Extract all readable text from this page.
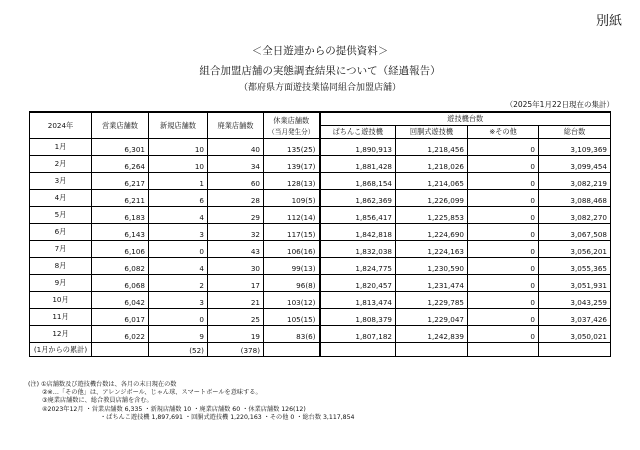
別紙
＜全日遊連からの提供資料＞
組合加盟店舗の実態調査結果について（経過報告）
（都府県方面遊技業協同組合加盟店舗）
（2025年1月22日現在の集計）
2024年	営業店舗数	新規店舗数	廃業店舗数	休業店舗数
（当月発生分）	遊技機台数			
					ぱちんこ遊技機	回胴式遊技機	※その他	総台数
1月	6,301	10	40	135(25)	1,890,913	1,218,456	0	3,109,369
2月	6,264	10	34	139(17)	1,881,428	1,218,026	0	3,099,454
3月	6,217	1	60	128(13)	1,868,154	1,214,065	0	3,082,219
4月	6,211	6	28	109(5)	1,862,369	1,226,099	0	3,088,468
5月	6,183	4	29	112(14)	1,856,417	1,225,853	0	3,082,270
6月	6,143	3	32	117(15)	1,842,818	1,224,690	0	3,067,508
7月	6,106	0	43	106(16)	1,832,038	1,224,163	0	3,056,201
8月	6,082	4	30	99(13)	1,824,775	1,230,590	0	3,055,365
9月	6,068	2	17	96(8)	1,820,457	1,231,474	0	3,051,931
10月	6,042	3	21	103(12)	1,813,474	1,229,785	0	3,043,259
11月	6,017	0	25	105(15)	1,808,379	1,229,047	0	3,037,426
12月	6,022	9	19	83(6)	1,807,182	1,242,839	0	3,050,021
(1月からの累計)		(52)	(378)					
(注) ①店舗数及び遊技機台数は、各月の末日現在の数
②※…「その他」は、アレンジボール、じゃん球、スマートボールを意味する。
③廃業店舗数に、総合教員店舗を含む。
④2023年12月 ・営業店舗数 6,335 ・新規店舗数 10 ・廃業店舗数 60 ・休業店舗数 126(12)
・ぱちんこ遊技機 1,897,691 ・回胴式遊技機 1,220,163 ・その他 0 ・総台数 3,117,854
